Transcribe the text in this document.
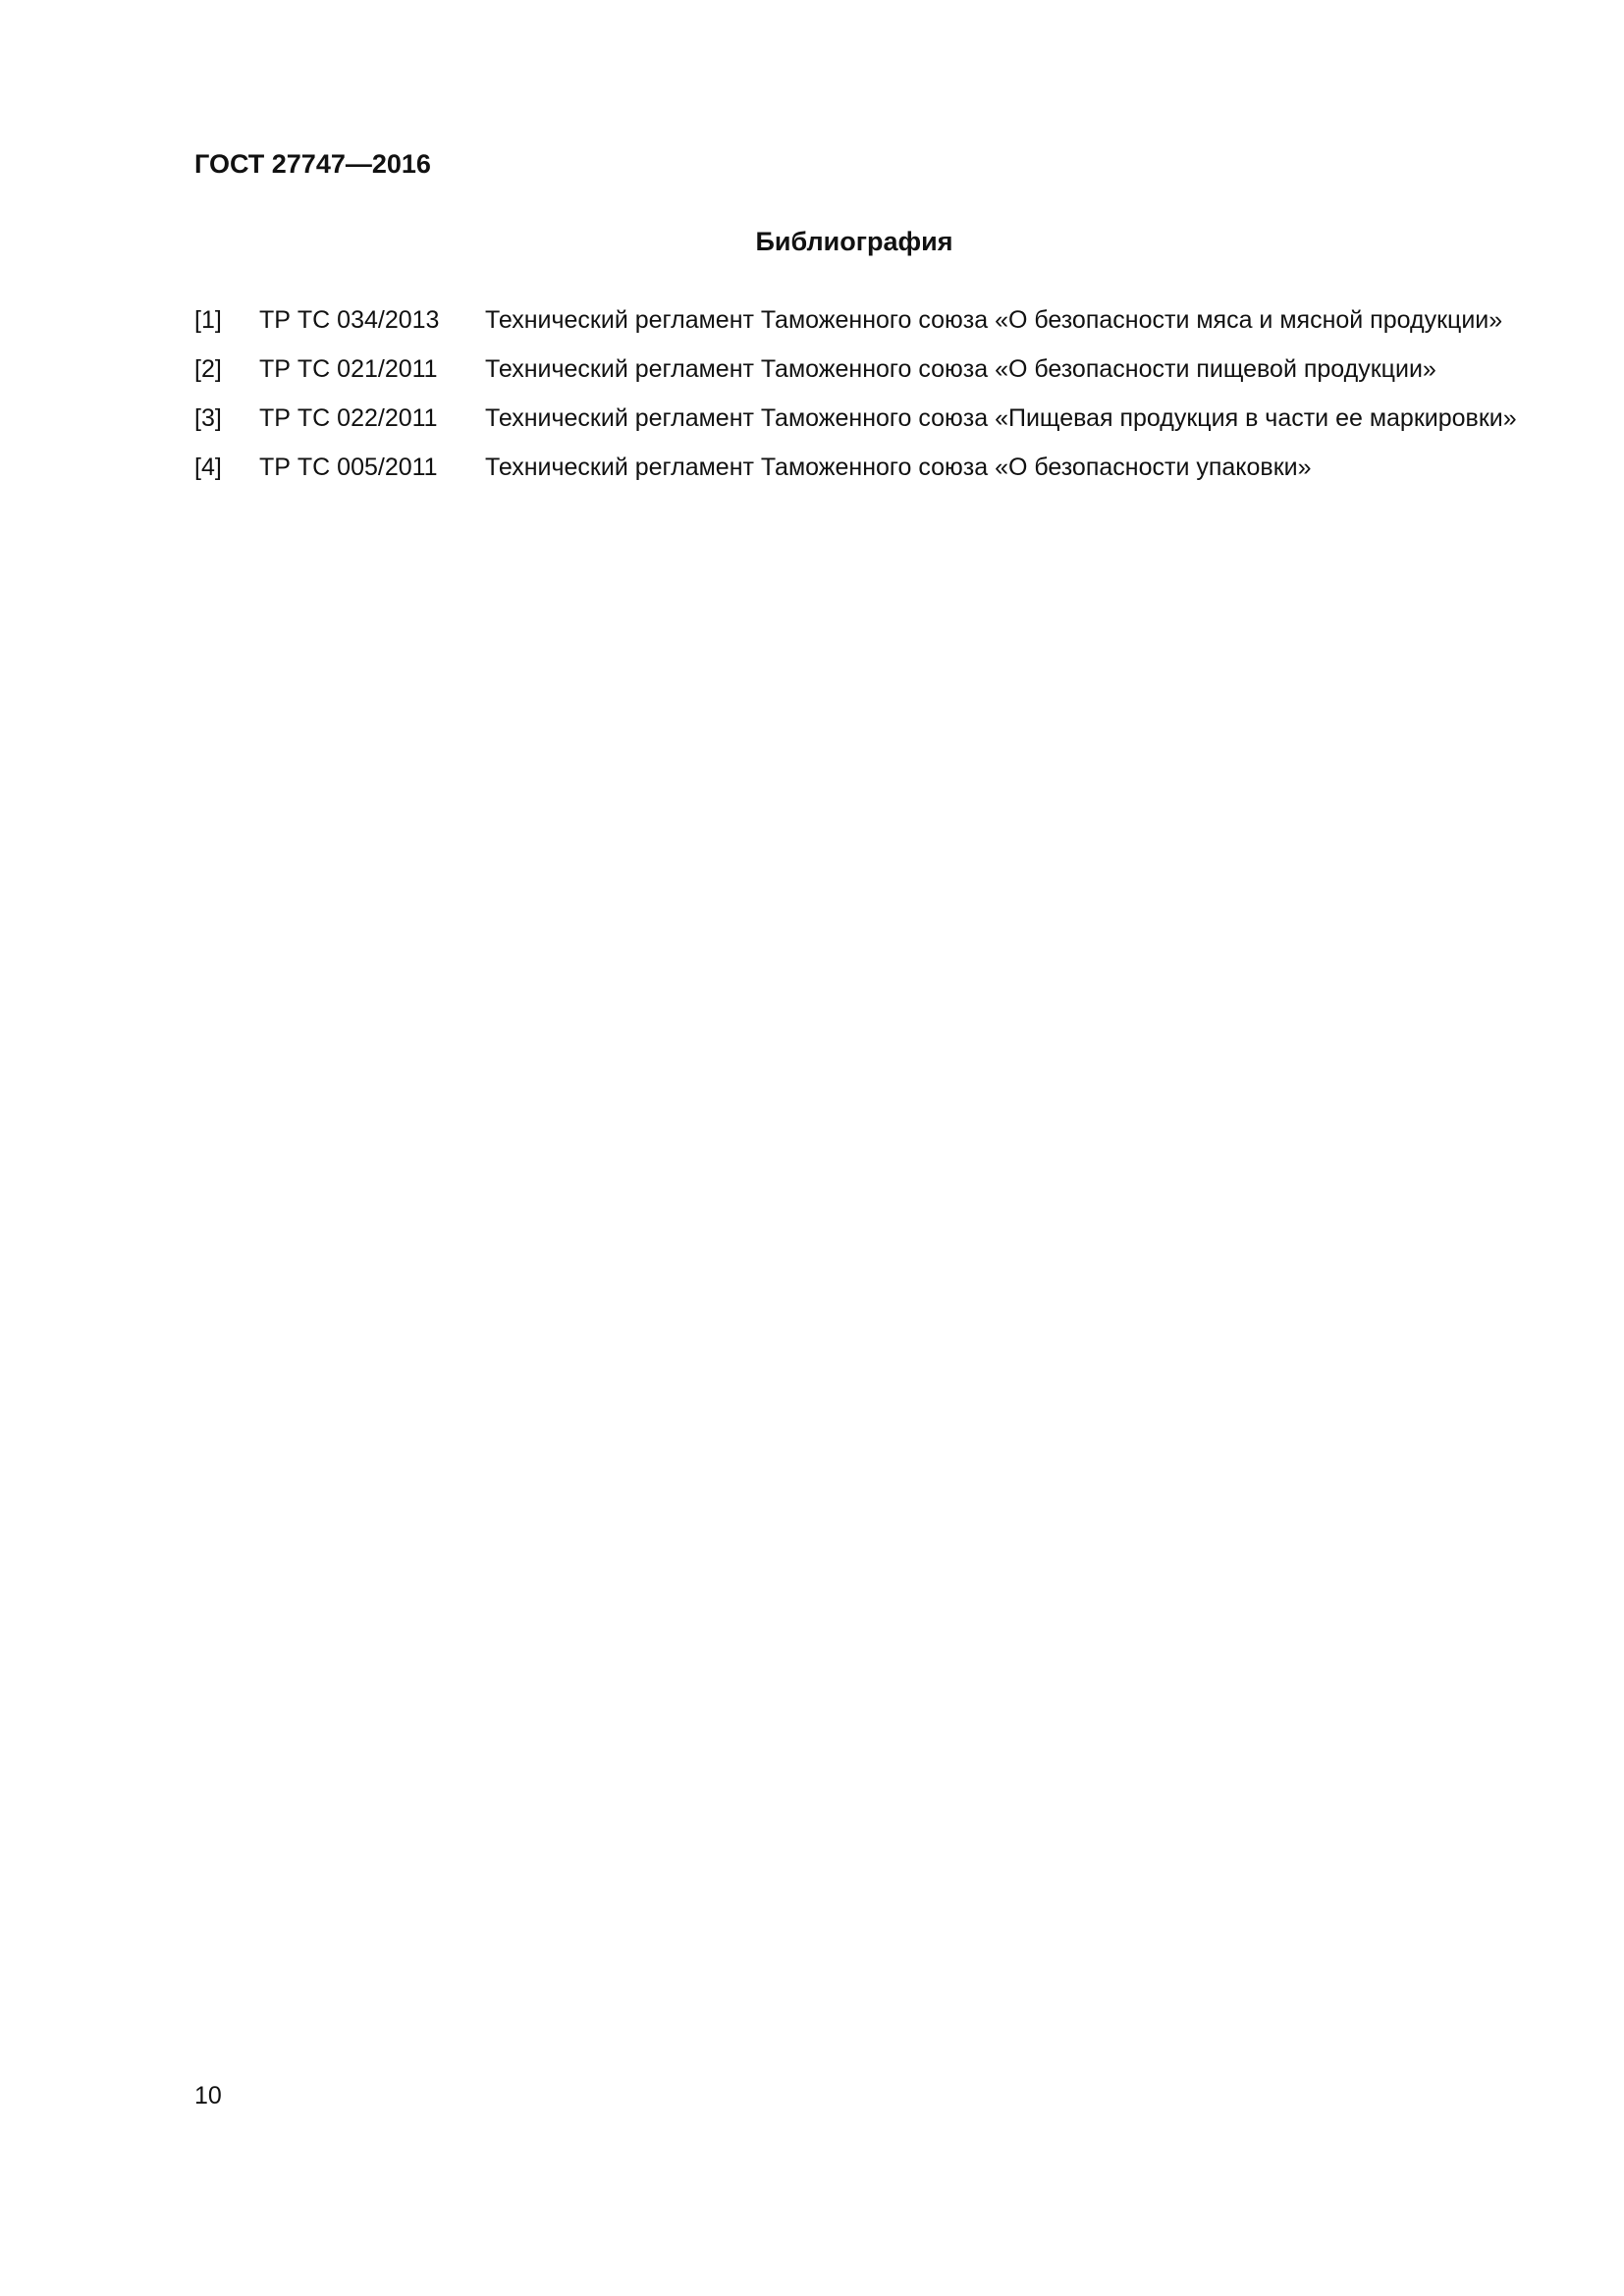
ГОСТ 27747—2016
Библиография
[1] ТР ТС 034/2013 Технический регламент Таможенного союза «О безопасности мяса и мясной продукции»
[2] ТР ТС 021/2011 Технический регламент Таможенного союза «О безопасности пищевой продукции»
[3] ТР ТС 022/2011 Технический регламент Таможенного союза «Пищевая продукция в части ее маркировки»
[4] ТР ТС 005/2011 Технический регламент Таможенного союза «О безопасности упаковки»
10
